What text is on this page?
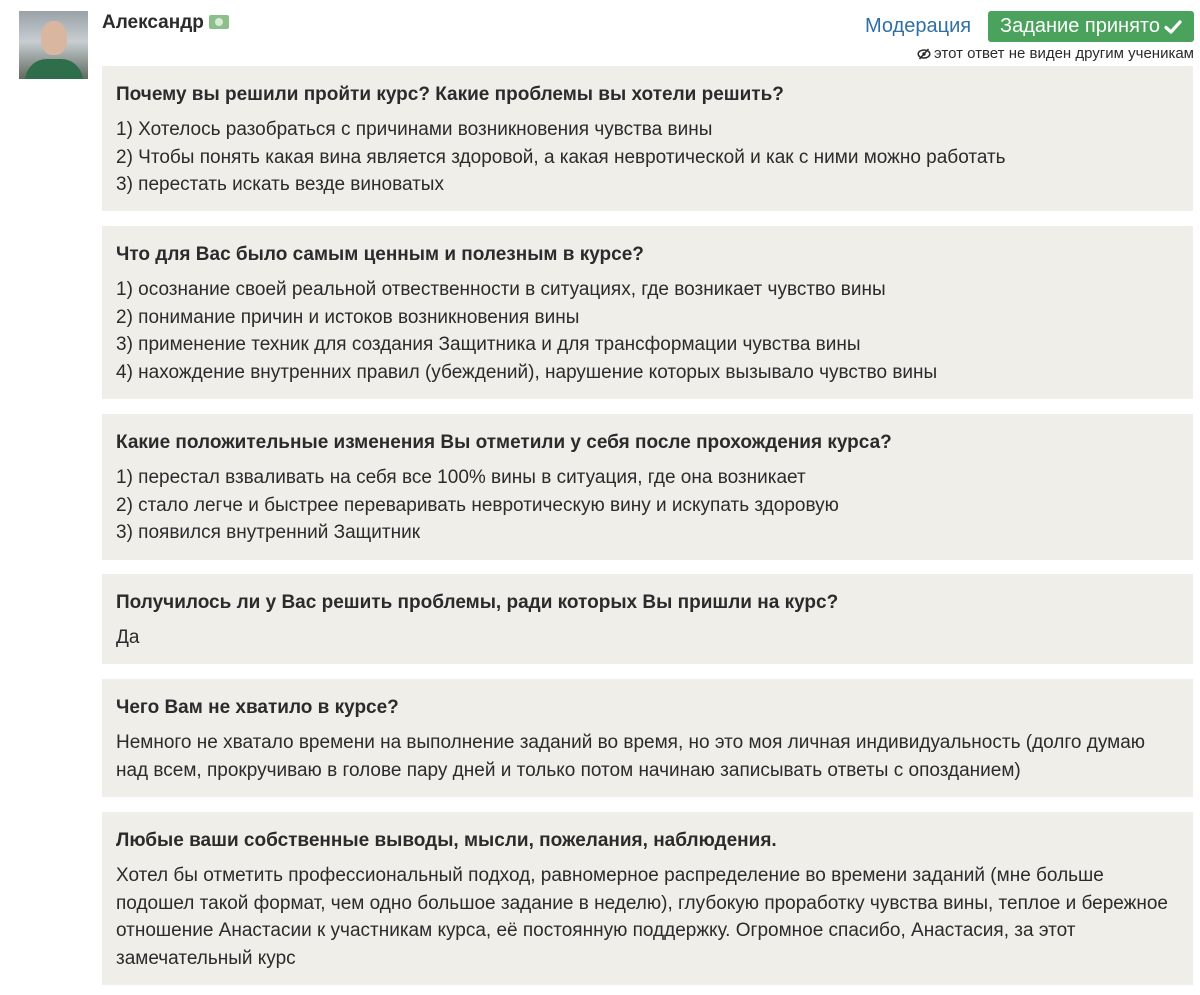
Александр	Модерация Задание принято
этот ответ не виден другим ученикам
Почему вы решили пройти курс? Какие проблемы вы хотели решить?
1) Хотелось разобраться с причинами возникновения чувства вины
2) Чтобы понять какая вина является здоровой, а какая невротической и как с ними можно работать
3) перестать искать везде виноватых
Что для Вас было самым ценным и полезным в курсе?
1) осознание своей реальной отвественности в ситуациях, где возникает чувство вины
2) понимание причин и истоков возникновения вины
3) применение техник для создания Защитника и для трансформации чувства вины
4) нахождение внутренних правил (убеждений), нарушение которых вызывало чувство вины
Какие положительные изменения Вы отметили у себя после прохождения курса?
1) перестал взваливать на себя все 100% вины в ситуация, где она возникает
2) стало легче и быстрее переваривать невротическую вину и искупать здоровую
3) появился внутренний Защитник
Получилось ли у Вас решить проблемы, ради которых Вы пришли на курс?
Да
Чего Вам не хватило в курсе?
Немного не хватало времени на выполнение заданий во время, но это моя личная индивидуальность (долго думаю над всем, прокручиваю в голове пару дней и только потом начинаю записывать ответы с опозданием)
Любые ваши собственные выводы, мысли, пожелания, наблюдения.
Хотел бы отметить профессиональный подход, равномерное распределение во времени заданий (мне больше подошел такой формат, чем одно большое задание в неделю), глубокую проработку чувства вины, теплое и бережное отношение Анастасии к участникам курса, её постоянную поддержку. Огромное спасибо, Анастасия, за этот замечательный курс
